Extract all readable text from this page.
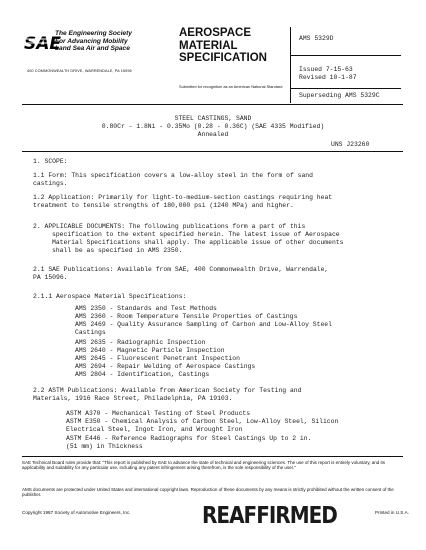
SAE
The Engineering Society
For Advancing Mobility
Land Sea Air and Space
400 COMMONWEALTH DRIVE, WARRENDALE, PA 15096
AEROSPACE
MATERIAL
SPECIFICATION
Submitted for recognition as an American National Standard
AMS 5329D
Issued 7-15-63
Revised 10-1-87
Superseding AMS 5329C
STEEL CASTINGS, SAND
0.80Cr - 1.8Ni - 0.35Mo (0.28 - 0.36C) (SAE 4335 Modified)
Annealed
UNS J23260
1. SCOPE:
1.1 Form: This specification covers a low-alloy steel in the form of sand
castings.
1.2 Application: Primarily for light-to-medium-section castings requiring heat
treatment to tensile strengths of 180,000 psi (1240 MPa) and higher.
2. APPLICABLE DOCUMENTS: The following publications form a part of this
specification to the extent specified herein. The latest issue of Aerospace
Material Specifications shall apply. The applicable issue of other documents
shall be as specified in AMS 2350.
2.1 SAE Publications: Available from SAE, 400 Commonwealth Drive, Warrendale,
PA 15096.
2.1.1 Aerospace Material Specifications:
AMS 2350 - Standards and Test Methods
AMS 2360 - Room Temperature Tensile Properties of Castings
AMS 2469 - Quality Assurance Sampling of Carbon and Low-Alloy Steel
Castings
AMS 2635 - Radiographic Inspection
AMS 2640 - Magnetic Particle Inspection
AMS 2645 - Fluorescent Penetrant Inspection
AMS 2694 - Repair Welding of Aerospace Castings
AMS 2804 - Identification, Castings
2.2 ASTM Publications: Available from American Society for Testing and
Materials, 1916 Race Street, Philadelphia, PA 19103.
ASTM A370 - Mechanical Testing of Steel Products
ASTM E350 - Chemical Analysis of Carbon Steel, Low-Alloy Steel, Silicon
Electrical Steel, Ingot Iron, and Wrought Iron
ASTM E446 - Reference Radiographs for Steel Castings Up to 2 in.
(51 mm) in Thickness
SAE Technical Board rules provide that: "This report is published by SAE to advance the state of technical and engineering sciences. The use of this report is entirely voluntary, and its applicability and suitability for any particular use, including any patent infringement arising therefrom, is the sole responsibility of the user."
AMS documents are protected under United States and international copyright laws. Reproduction of these documents by any means is strictly prohibited without the written consent of the publisher.
Copyright 1987 Society of Automotive Engineers, Inc.	REAFFIRMED	Printed in U.S.A.
